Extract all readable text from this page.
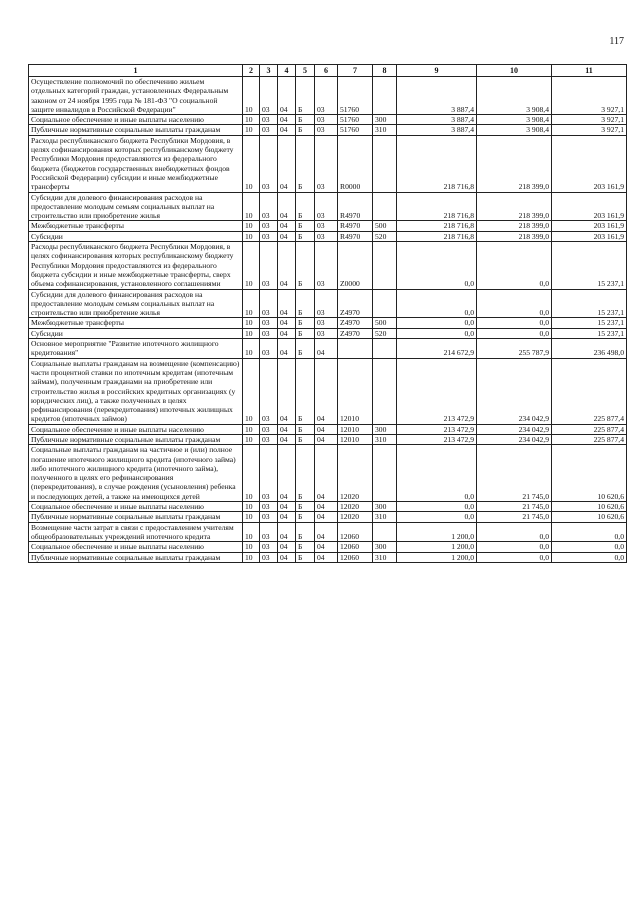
117
1	2	3	4	5	6	7	8	9	10	11
Осуществление полномочий по обеспечению жильем отдельных категорий граждан, установленных Федеральным законом от 24 ноября 1995 года № 181-ФЗ "О социальной защите инвалидов в Российской Федерации"	10	03	04	Б	03	51760		3 887,4	3 908,4	3 927,1
Социальное обеспечение и иные выплаты населению	10	03	04	Б	03	51760	300	3 887,4	3 908,4	3 927,1
Публичные нормативные социальные выплаты гражданам	10	03	04	Б	03	51760	310	3 887,4	3 908,4	3 927,1
Расходы республиканского бюджета Республики Мордовия, в целях софинансирования которых республиканскому бюджету Республики Мордовия предоставляются из федерального бюджета (бюджетов государственных внебюджетных фондов Российской Федерации) субсидии и иные межбюджетные трансферты	10	03	04	Б	03	R0000		218 716,8	218 399,0	203 161,9
Субсидии для долевого финансирования расходов на предоставление молодым семьям социальных выплат на строительство или приобретение жилья	10	03	04	Б	03	R4970		218 716,8	218 399,0	203 161,9
Межбюджетные трансферты	10	03	04	Б	03	R4970	500	218 716,8	218 399,0	203 161,9
Субсидии	10	03	04	Б	03	R4970	520	218 716,8	218 399,0	203 161,9
Расходы республиканского бюджета Республики Мордовия, в целях софинансирования которых республиканскому бюджету Республики Мордовия предоставляются из федерального бюджета субсидии и иные межбюджетные трансферты, сверх объема софинансирования, установленного соглашениями	10	03	04	Б	03	Z0000		0,0	0,0	15 237,1
Субсидии для долевого финансирования расходов на предоставление молодым семьям социальных выплат на строительство или приобретение жилья	10	03	04	Б	03	Z4970		0,0	0,0	15 237,1
Межбюджетные трансферты	10	03	04	Б	03	Z4970	500	0,0	0,0	15 237,1
Субсидии	10	03	04	Б	03	Z4970	520	0,0	0,0	15 237,1
Основное мероприятие "Развитие ипотечного жилищного кредитования"	10	03	04	Б	04			214 672,9	255 787,9	236 498,0
Социальные выплаты гражданам на возмещение (компенсацию) части процентной ставки по ипотечным кредитам (ипотечным займам), полученным гражданами на приобретение или строительство жилья в российских кредитных организациях (у юридических лиц), а также полученных в целях рефинансирования (перекредитования) ипотечных жилищных кредитов (ипотечных займов)	10	03	04	Б	04	12010		213 472,9	234 042,9	225 877,4
Социальное обеспечение и иные выплаты населению	10	03	04	Б	04	12010	300	213 472,9	234 042,9	225 877,4
Публичные нормативные социальные выплаты гражданам	10	03	04	Б	04	12010	310	213 472,9	234 042,9	225 877,4
Социальные выплаты гражданам на частичное и (или) полное погашение ипотечного жилищного кредита (ипотечного займа) либо ипотечного жилищного кредита (ипотечного займа), полученного в целях его рефинансирования (перекредитования), в случае рождения (усыновления) ребенка и последующих детей, а также на имеющихся детей	10	03	04	Б	04	12020		0,0	21 745,0	10 620,6
Социальное обеспечение и иные выплаты населению	10	03	04	Б	04	12020	300	0,0	21 745,0	10 620,6
Публичные нормативные социальные выплаты гражданам	10	03	04	Б	04	12020	310	0,0	21 745,0	10 620,6
Возмещение части затрат в связи с предоставлением учителям общеобразовательных учреждений ипотечного кредита	10	03	04	Б	04	12060		1 200,0	0,0	0,0
Социальное обеспечение и иные выплаты населению	10	03	04	Б	04	12060	300	1 200,0	0,0	0,0
Публичные нормативные социальные выплаты гражданам	10	03	04	Б	04	12060	310	1 200,0	0,0	0,0
